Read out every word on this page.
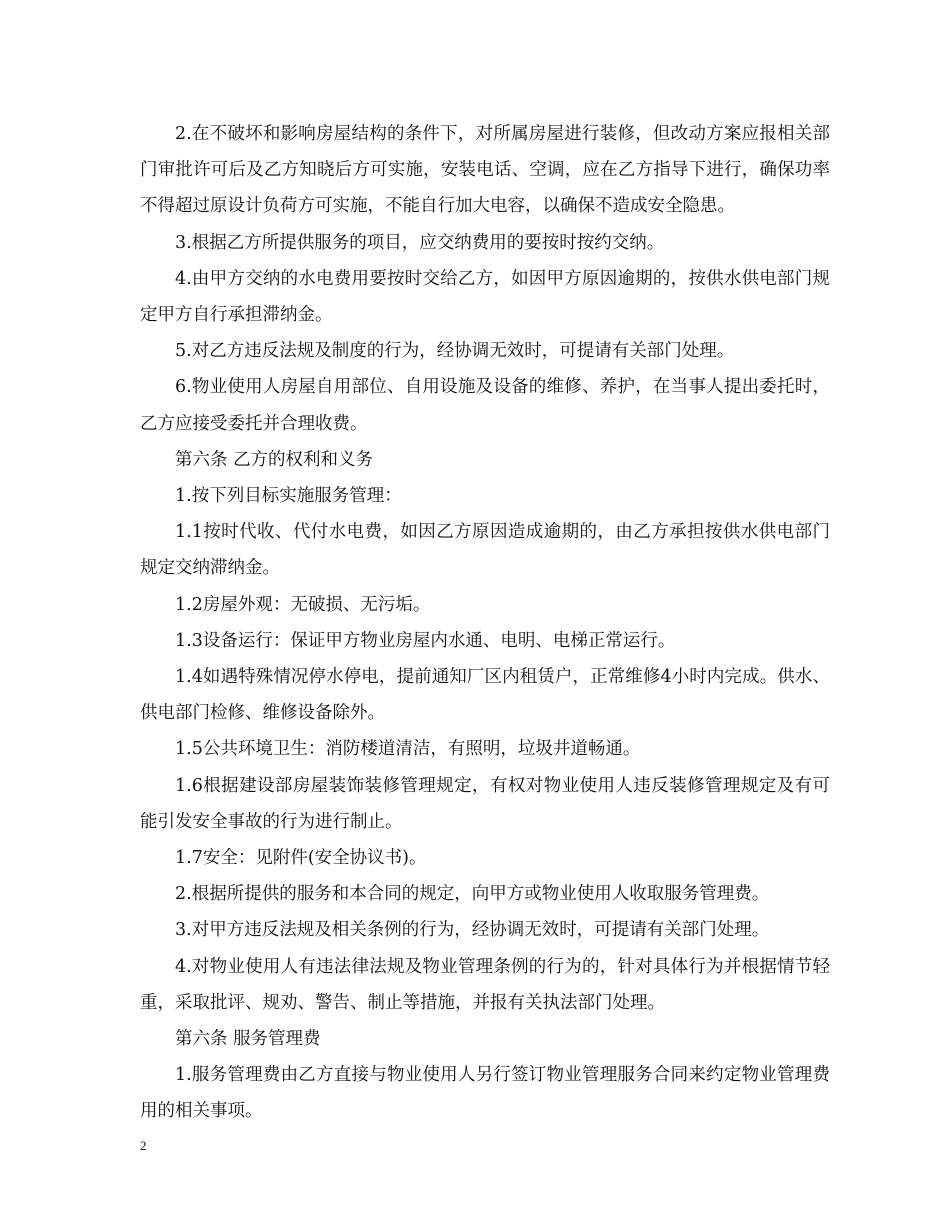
2.在不破坏和影响房屋结构的条件下，对所属房屋进行装修，但改动方案应报相关部门审批许可后及乙方知晓后方可实施，安装电话、空调，应在乙方指导下进行，确保功率不得超过原设计负荷方可实施，不能自行加大电容，以确保不造成安全隐患。

3.根据乙方所提供服务的项目，应交纳费用的要按时按约交纳。

4.由甲方交纳的水电费用要按时交给乙方，如因甲方原因逾期的，按供水供电部门规定甲方自行承担滞纳金。

5.对乙方违反法规及制度的行为，经协调无效时，可提请有关部门处理。

6.物业使用人房屋自用部位、自用设施及设备的维修、养护，在当事人提出委托时，乙方应接受委托并合理收费。

第六条 乙方的权利和义务

1.按下列目标实施服务管理：

1.1按时代收、代付水电费，如因乙方原因造成逾期的，由乙方承担按供水供电部门规定交纳滞纳金。

1.2房屋外观：无破损、无污垢。

1.3设备运行：保证甲方物业房屋内水通、电明、电梯正常运行。

1.4如遇特殊情况停水停电，提前通知厂区内租赁户，正常维修4小时内完成。供水、供电部门检修、维修设备除外。

1.5公共环境卫生：消防楼道清洁，有照明，垃圾井道畅通。

1.6根据建设部房屋装饰装修管理规定，有权对物业使用人违反装修管理规定及有可能引发安全事故的行为进行制止。

1.7安全：见附件(安全协议书)。

2.根据所提供的服务和本合同的规定，向甲方或物业使用人收取服务管理费。

3.对甲方违反法规及相关条例的行为，经协调无效时，可提请有关部门处理。

4.对物业使用人有违法律法规及物业管理条例的行为的，针对具体行为并根据情节轻重，采取批评、规劝、警告、制止等措施，并报有关执法部门处理。

第六条 服务管理费

1.服务管理费由乙方直接与物业使用人另行签订物业管理服务合同来约定物业管理费用的相关事项。

2
